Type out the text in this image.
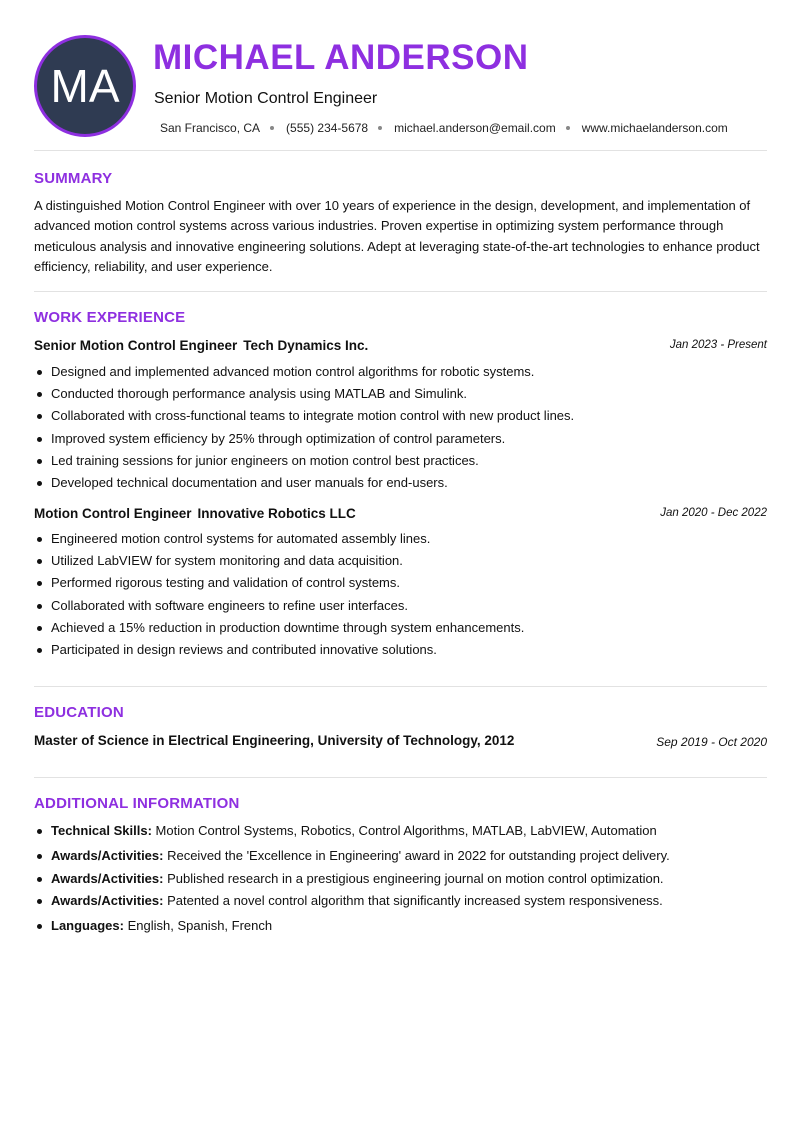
MA
MICHAEL ANDERSON
Senior Motion Control Engineer
San Francisco, CA (555) 234-5678 michael.anderson@email.com www.michaelanderson.com
SUMMARY
A distinguished Motion Control Engineer with over 10 years of experience in the design, development, and implementation of advanced motion control systems across various industries. Proven expertise in optimizing system performance through meticulous analysis and innovative engineering solutions. Adept at leveraging state-of-the-art technologies to enhance product efficiency, reliability, and user experience.
WORK EXPERIENCE
Senior Motion Control Engineer Tech Dynamics Inc.	Jan 2023 - Present
Designed and implemented advanced motion control algorithms for robotic systems.
Conducted thorough performance analysis using MATLAB and Simulink.
Collaborated with cross-functional teams to integrate motion control with new product lines.
Improved system efficiency by 25% through optimization of control parameters.
Led training sessions for junior engineers on motion control best practices.
Developed technical documentation and user manuals for end-users.
Motion Control Engineer Innovative Robotics LLC	Jan 2020 - Dec 2022
Engineered motion control systems for automated assembly lines.
Utilized LabVIEW for system monitoring and data acquisition.
Performed rigorous testing and validation of control systems.
Collaborated with software engineers to refine user interfaces.
Achieved a 15% reduction in production downtime through system enhancements.
Participated in design reviews and contributed innovative solutions.
EDUCATION
Master of Science in Electrical Engineering, University of Technology, 2012	Sep 2019 - Oct 2020
ADDITIONAL INFORMATION
Technical Skills: Motion Control Systems, Robotics, Control Algorithms, MATLAB, LabVIEW, Automation
Awards/Activities: Received the 'Excellence in Engineering' award in 2022 for outstanding project delivery.
Awards/Activities: Published research in a prestigious engineering journal on motion control optimization.
Awards/Activities: Patented a novel control algorithm that significantly increased system responsiveness.
Languages: English, Spanish, French
